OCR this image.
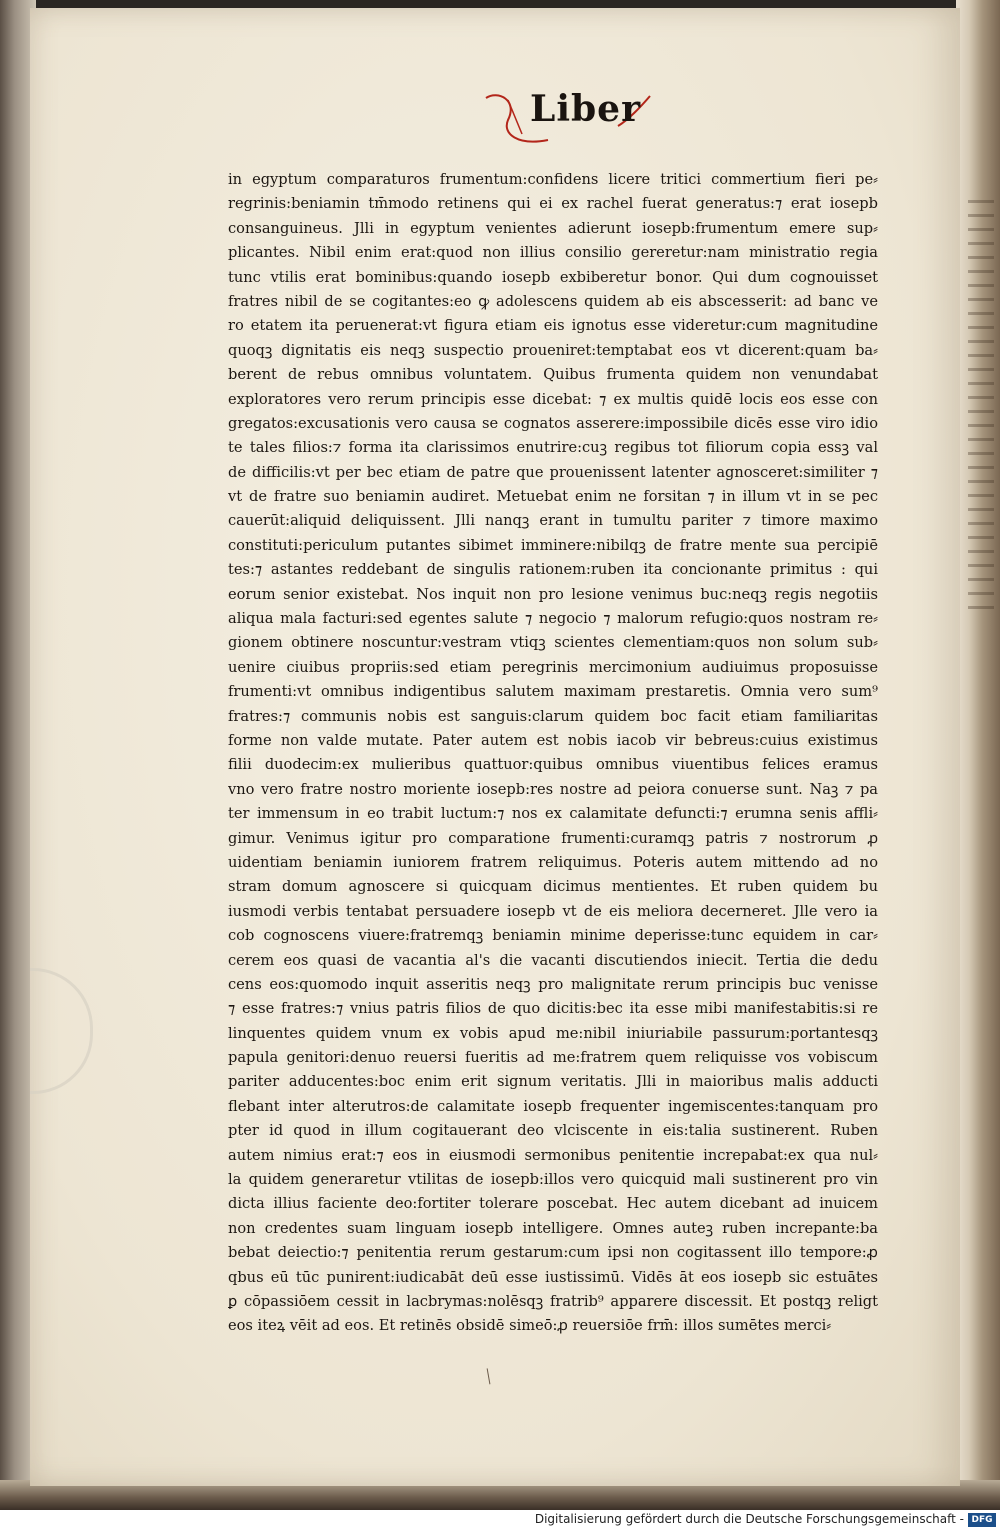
Liber
in egyptum comparaturos frumentum:confidens licere tritici commertium fieri pe⸗
regrinis:beniamin tm̄modo retinens qui ei ex rachel fuerat generatus:⁊ erat iosepb
consanguineus. Jlli in egyptum venientes adierunt iosepb:frumentum emere sup⸗
plicantes. Nibil enim erat:quod non illius consilio gereretur:nam ministratio regia
tunc vtilis erat bominibus:quando iosepb exbiberetur bonor. Qui dum cognouisset
fratres nibil de se cogitantes:eo ꝙ adolescens quidem ab eis abscesserit: ad banc ve
ro etatem ita peruenerat:vt figura etiam eis ignotus esse videretur:cum magnitudine
quoqꝫ dignitatis eis neqꝫ suspectio proueniret:temptabat eos vt dicerent:quam ba⸗
berent de rebus omnibus voluntatem. Quibus frumenta quidem non venundabat
exploratores vero rerum principis esse dicebat: ⁊ ex multis quidē locis eos esse con
gregatos:excusationis vero causa se cognatos asserere:impossibile dicēs esse viro idio
te tales filios:⁊ forma ita clarissimos enutrire:cuꝫ regibus tot filiorum copia essꝫ val
de difficilis:vt per bec etiam de patre que prouenissent latenter agnosceret:similiter ⁊
vt de fratre suo beniamin audiret. Metuebat enim ne forsitan ⁊ in illum vt in se pec
cauerūt:aliquid deliquissent. Jlli nanqꝫ erant in tumultu pariter ⁊ timore maximo
constituti:periculum putantes sibimet imminere:nibilqꝫ de fratre mente sua percipiē
tes:⁊ astantes reddebant de singulis rationem:ruben ita concionante primitus : qui
eorum senior existebat. Nos inquit non pro lesione venimus buc:neqꝫ regis negotiis
aliqua mala facturi:sed egentes salute ⁊ negocio ⁊ malorum refugio:quos nostram re⸗
gionem obtinere noscuntur:vestram vtiqꝫ scientes clementiam:quos non solum sub⸗
uenire ciuibus propriis:sed etiam peregrinis mercimonium audiuimus proposuisse
frumenti:vt omnibus indigentibus salutem maximam prestaretis. Omnia vero sum⁹
fratres:⁊ communis nobis est sanguis:clarum quidem boc facit etiam familiaritas
forme non valde mutate. Pater autem est nobis iacob vir bebreus:cuius existimus
filii duodecim:ex mulieribus quattuor:quibus omnibus viuentibus felices eramus
vno vero fratre nostro moriente iosepb:res nostre ad peiora conuerse sunt. Naꝫ ⁊ pa
ter immensum in eo trabit luctum:⁊ nos ex calamitate defuncti:⁊ erumna senis affli⸗
gimur. Venimus igitur pro comparatione frumenti:curamqꝫ patris ⁊ nostrorum ꝓ
uidentiam beniamin iuniorem fratrem reliquimus. Poteris autem mittendo ad no
stram domum agnoscere si quicquam dicimus mentientes. Et ruben quidem bu
iusmodi verbis tentabat persuadere iosepb vt de eis meliora decerneret. Jlle vero ia
cob cognoscens viuere:fratremqꝫ beniamin minime deperisse:tunc equidem in car⸗
cerem eos quasi de vacantia al's die vacanti discutiendos iniecit. Tertia die dedu
cens eos:quomodo inquit asseritis neqꝫ pro malignitate rerum principis buc venisse
⁊ esse fratres:⁊ vnius patris filios de quo dicitis:bec ita esse mibi manifestabitis:si re
linquentes quidem vnum ex vobis apud me:nibil iniuriabile passurum:portantesqꝫ
papula genitori:denuo reuersi fueritis ad me:fratrem quem reliquisse vos vobiscum
pariter adducentes:boc enim erit signum veritatis. Jlli in maioribus malis adducti
flebant inter alterutros:de calamitate iosepb frequenter ingemiscentes:tanquam pro
pter id quod in illum cogitauerant deo vlciscente in eis:talia sustinerent. Ruben
autem nimius erat:⁊ eos in eiusmodi sermonibus penitentie increpabat:ex qua nul⸗
la quidem generaretur vtilitas de iosepb:illos vero quicquid mali sustinerent pro vin
dicta illius faciente deo:fortiter tolerare poscebat. Hec autem dicebant ad inuicem
non credentes suam linguam iosepb intelligere. Omnes auteꝫ ruben increpante:ba
bebat deiectio:⁊ penitentia rerum gestarum:cum ipsi non cogitassent illo tempore:ꝓ
qbus eū tūc punirent:iudicabāt deū esse iustissimū. Vidēs āt eos iosepb sic estuātes
ꝑ cōpassiōem cessit in lacbrymas:nolēsqꝫ fratrib⁹ apparere discessit. Et postqꝫ religt
eos iteꝝ vēit ad eos. Et retinēs obsidē simeō:ꝓ reuersiōe frm̄: illos sumētes merci⸗
Digitalisierung gefördert durch die Deutsche Forschungsgemeinschaft - DFG
